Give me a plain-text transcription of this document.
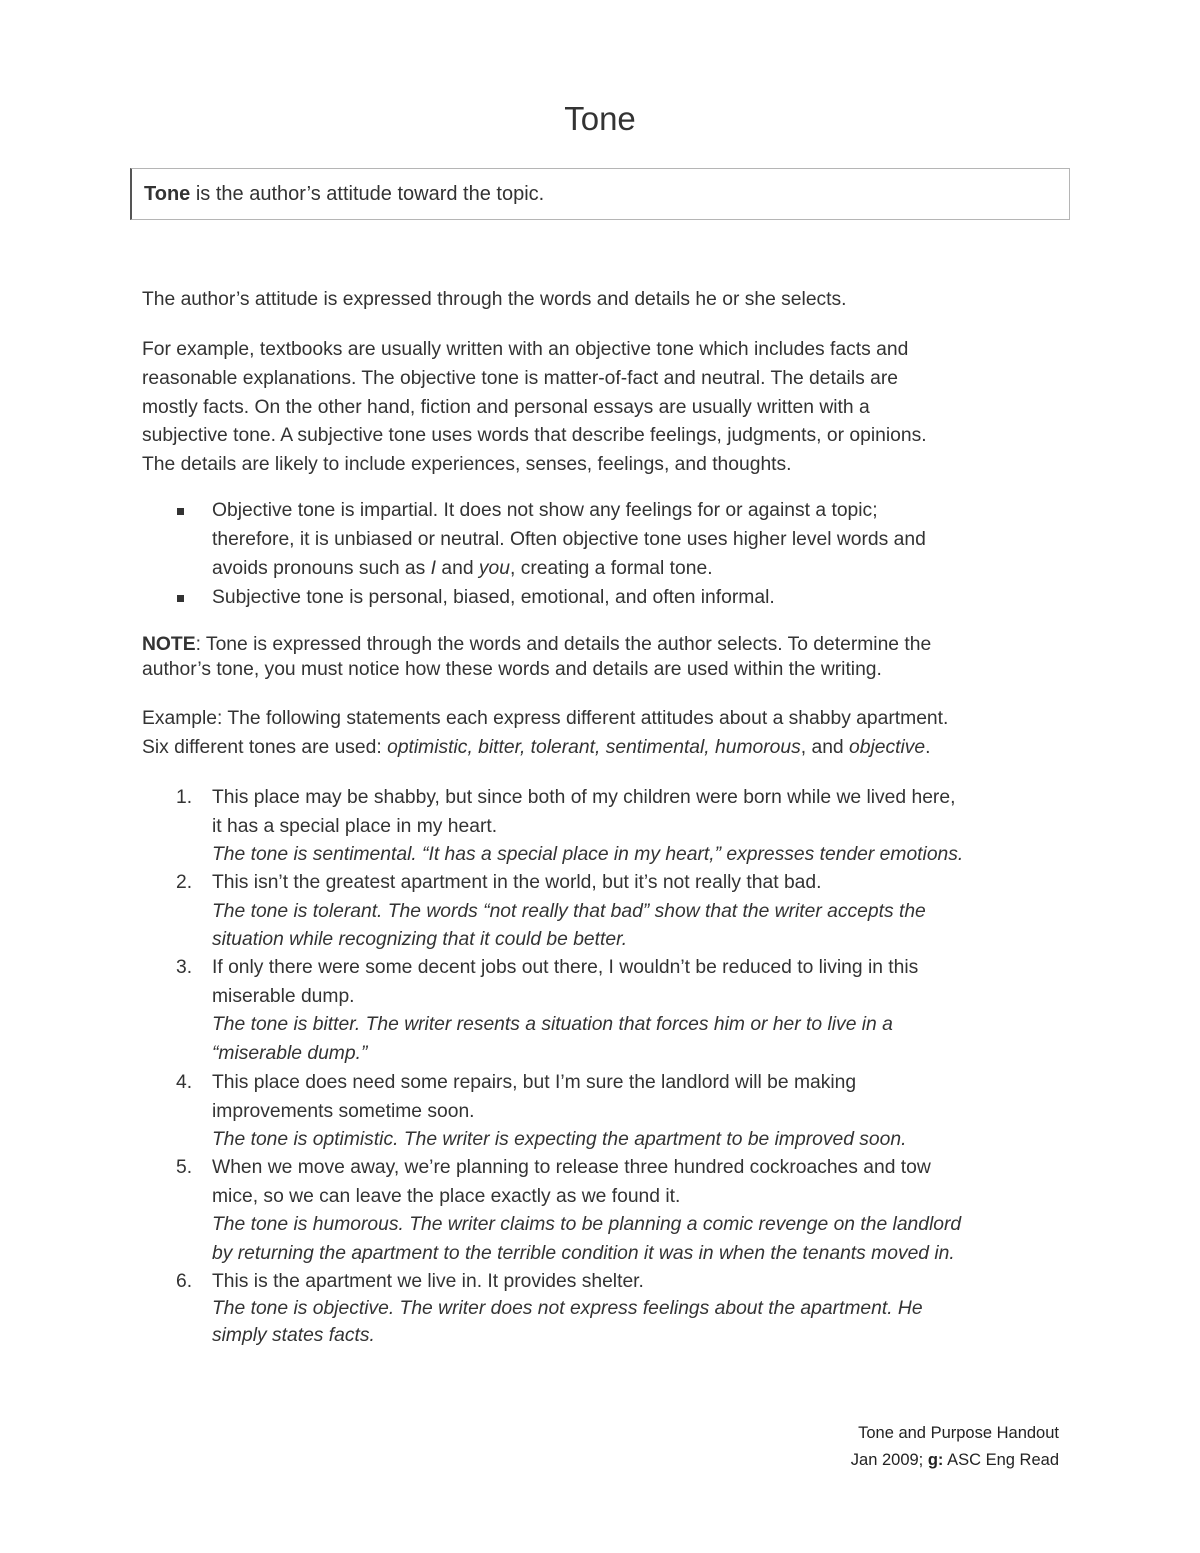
Tone
Tone is the author’s attitude toward the topic.

The author’s attitude is expressed through the words and details he or she selects.

For example, textbooks are usually written with an objective tone which includes facts and
reasonable explanations. The objective tone is matter-of-fact and neutral. The details are
mostly facts. On the other hand, fiction and personal essays are usually written with a
subjective tone. A subjective tone uses words that describe feelings, judgments, or opinions.
The details are likely to include experiences, senses, feelings, and thoughts.

Objective tone is impartial. It does not show any feelings for or against a topic;
therefore, it is unbiased or neutral. Often objective tone uses higher level words and
avoids pronouns such as I and you, creating a formal tone.
Subjective tone is personal, biased, emotional, and often informal.

NOTE: Tone is expressed through the words and details the author selects. To determine the
author’s tone, you must notice how these words and details are used within the writing.

Example: The following statements each express different attitudes about a shabby apartment.
Six different tones are used: optimistic, bitter, tolerant, sentimental, humorous, and objective.

1. This place may be shabby, but since both of my children were born while we lived here,
it has a special place in my heart.
The tone is sentimental. “It has a special place in my heart,” expresses tender emotions.
2. This isn’t the greatest apartment in the world, but it’s not really that bad.
The tone is tolerant. The words “not really that bad” show that the writer accepts the
situation while recognizing that it could be better.
3. If only there were some decent jobs out there, I wouldn’t be reduced to living in this
miserable dump.
The tone is bitter. The writer resents a situation that forces him or her to live in a
“miserable dump.”
4. This place does need some repairs, but I’m sure the landlord will be making
improvements sometime soon.
The tone is optimistic. The writer is expecting the apartment to be improved soon.
5. When we move away, we’re planning to release three hundred cockroaches and tow
mice, so we can leave the place exactly as we found it.
The tone is humorous. The writer claims to be planning a comic revenge on the landlord
by returning the apartment to the terrible condition it was in when the tenants moved in.
6. This is the apartment we live in. It provides shelter.
The tone is objective. The writer does not express feelings about the apartment. He
simply states facts.
Tone and Purpose Handout
Jan 2009; g: ASC Eng Read
